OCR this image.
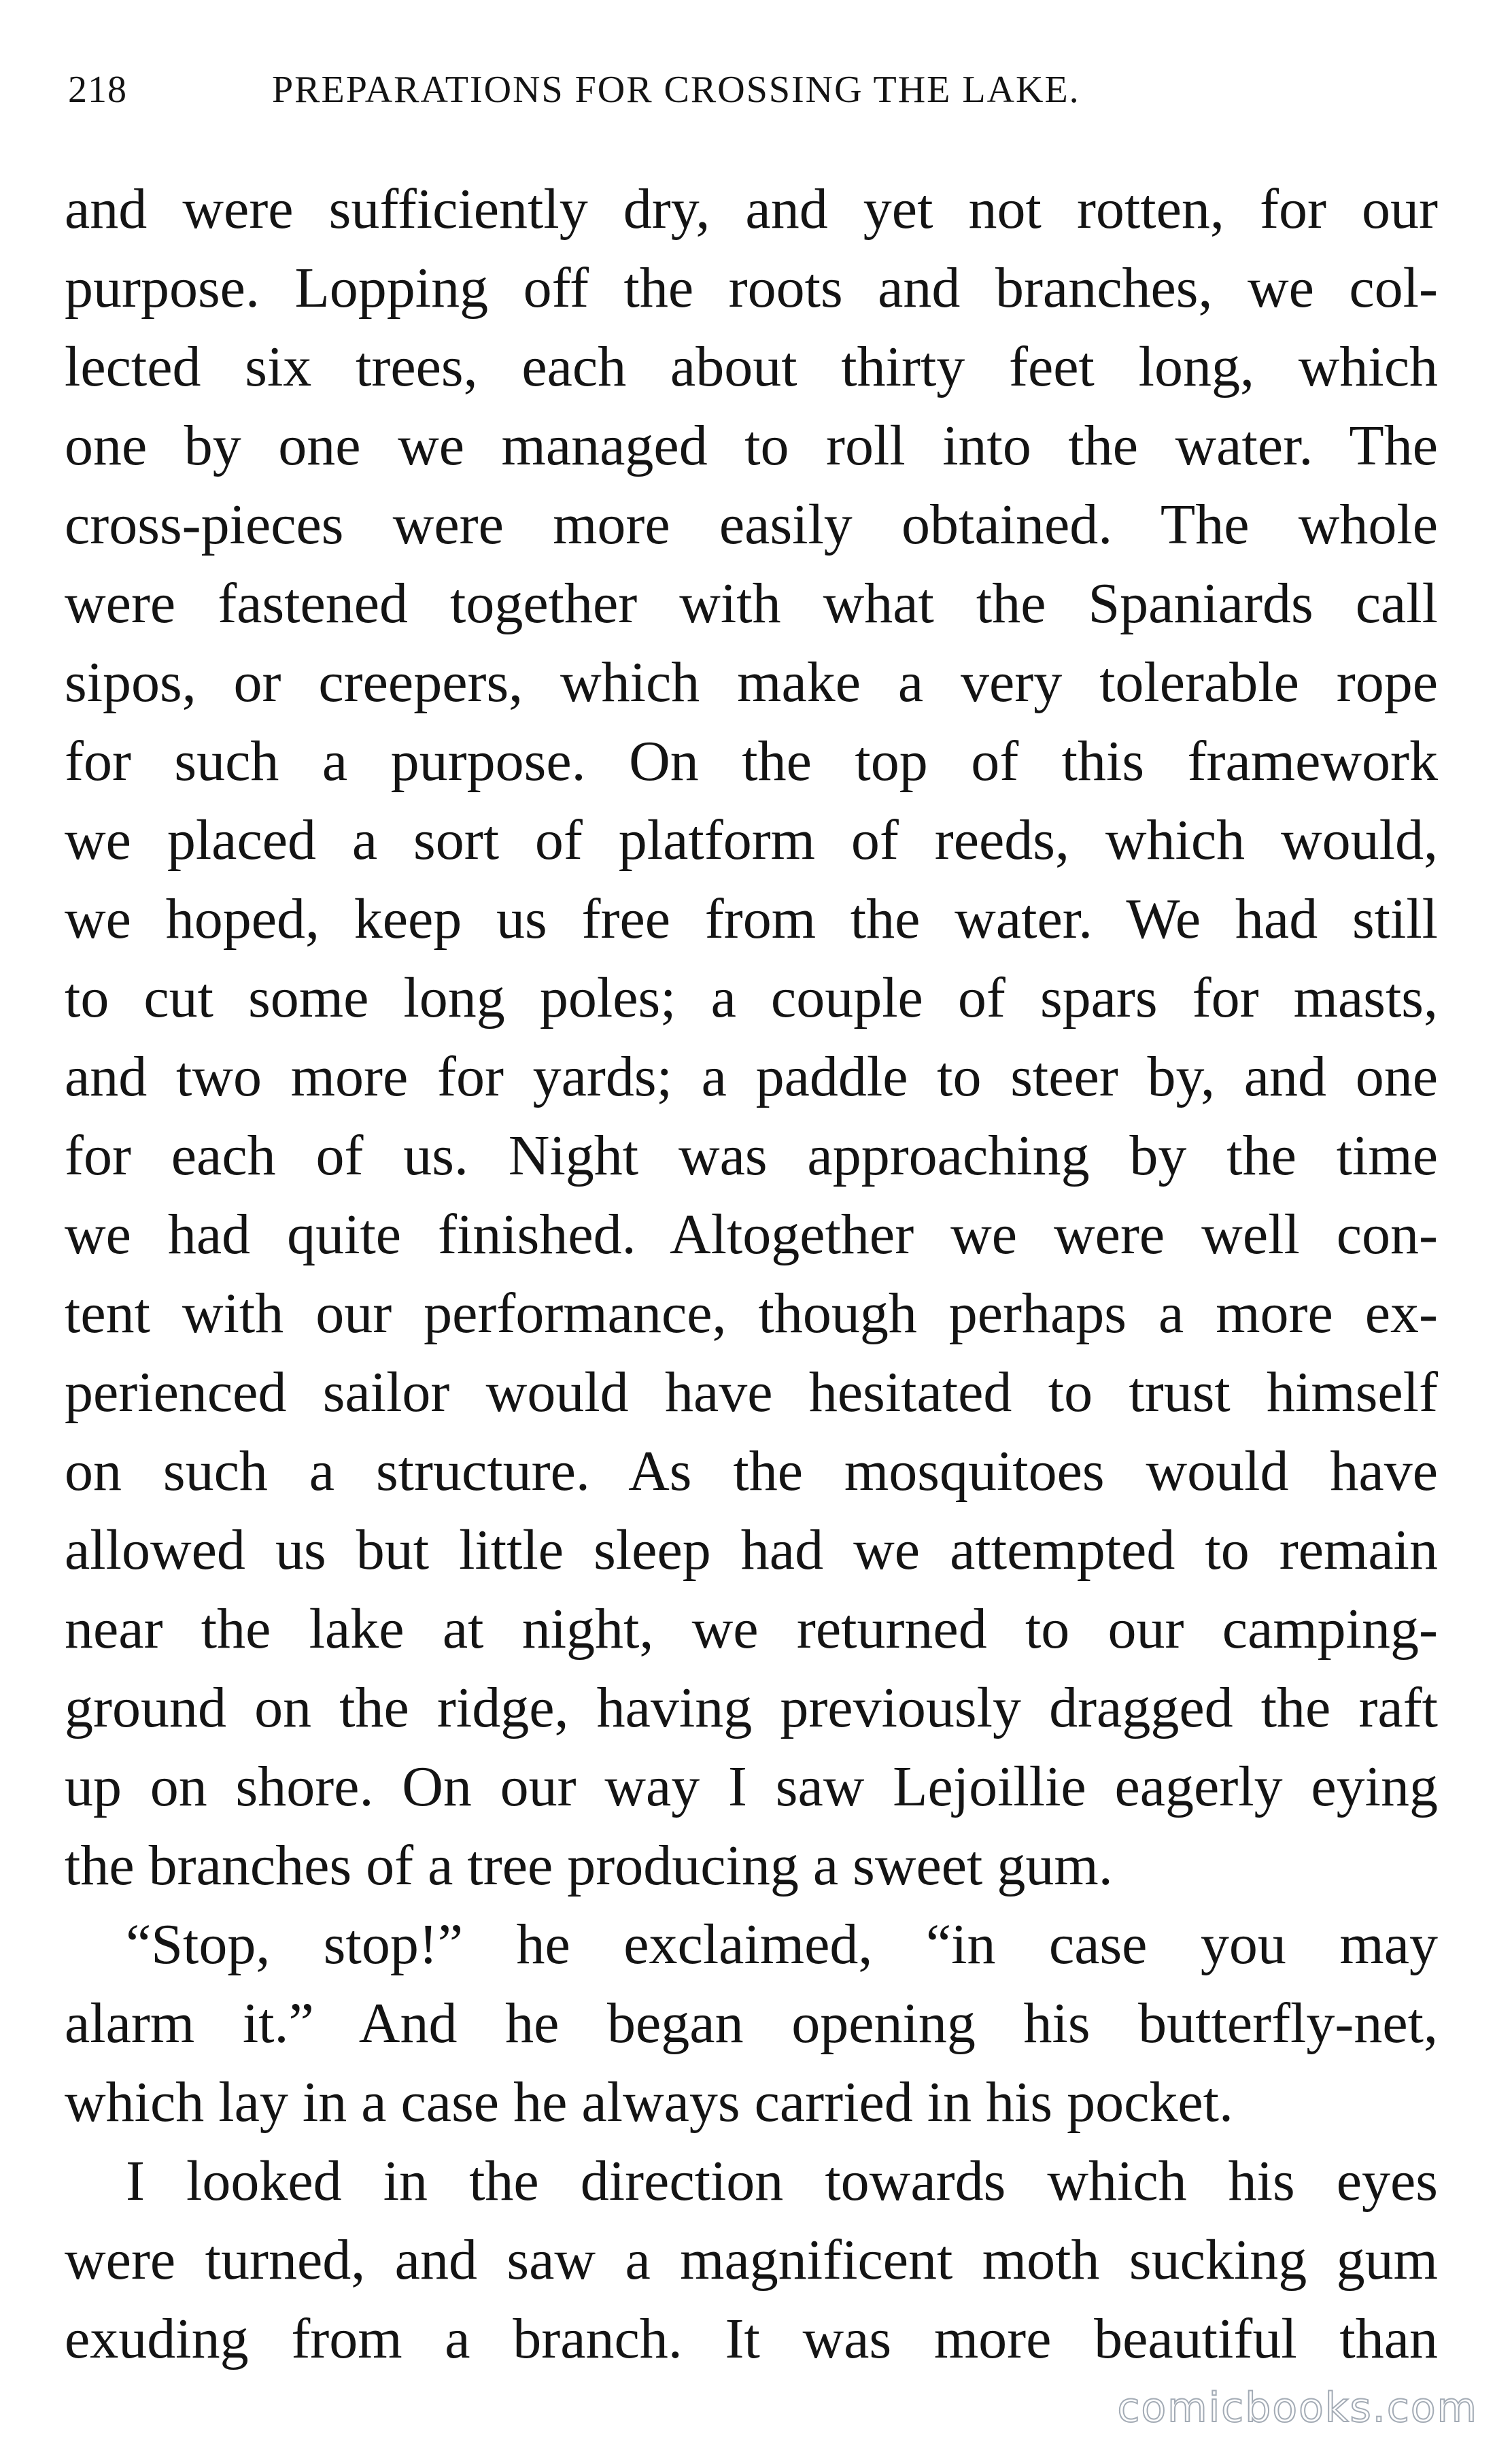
218	PREPARATIONS FOR CROSSING THE LAKE.
and were sufficiently dry, and yet not rotten, for our
purpose. Lopping off the roots and branches, we col-
lected six trees, each about thirty feet long, which
one by one we managed to roll into the water. The
cross-pieces were more easily obtained. The whole
were fastened together with what the Spaniards call
sipos, or creepers, which make a very tolerable rope
for such a purpose. On the top of this framework
we placed a sort of platform of reeds, which would,
we hoped, keep us free from the water. We had still
to cut some long poles; a couple of spars for masts,
and two more for yards; a paddle to steer by, and one
for each of us. Night was approaching by the time
we had quite finished. Altogether we were well con-
tent with our performance, though perhaps a more ex-
perienced sailor would have hesitated to trust himself
on such a structure. As the mosquitoes would have
allowed us but little sleep had we attempted to remain
near the lake at night, we returned to our camping-
ground on the ridge, having previously dragged the raft
up on shore. On our way I saw Lejoillie eagerly eying
the branches of a tree producing a sweet gum.
“Stop, stop!” he exclaimed, “in case you may
alarm it.” And he began opening his butterfly-net,
which lay in a case he always carried in his pocket.
I looked in the direction towards which his eyes
were turned, and saw a magnificent moth sucking gum
exuding from a branch. It was more beautiful than
comicbooks.com
